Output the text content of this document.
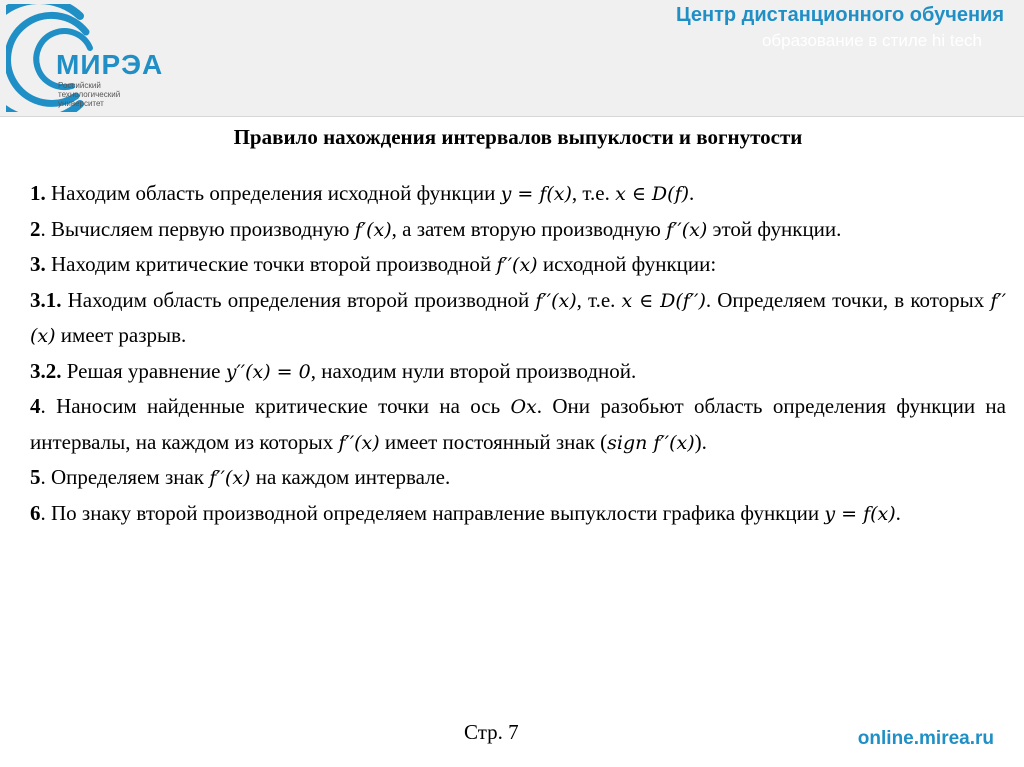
МИРЭА
Российский
технологический
университет
Центр дистанционного обучения
образование в стиле hi tech

Правило нахождения интервалов выпуклости и вогнутости

1. Находим область определения исходной функции y = f(x), т.е. x ∈ D(f).

2. Вычисляем первую производную f′(x), а затем вторую производную f′′(x) этой функции.

3. Находим критические точки второй производной f′′(x) исходной функции:

3.1. Находим область определения второй производной f′′(x), т.е. x ∈ D(f′′). Определяем точки, в которых f′′(x) имеет разрыв.

3.2. Решая уравнение y′′(x) = 0, находим нули второй производной.

4. Наносим найденные критические точки на ось Ox. Они разобьют область определения функции на интервалы, на каждом из которых f′′(x) имеет постоянный знак (sign f′′(x)).

5. Определяем знак f′′(x) на каждом интервале.

6. По знаку второй производной определяем направление выпуклости графика функции y = f(x).

Стр. 7	online.mirea.ru
